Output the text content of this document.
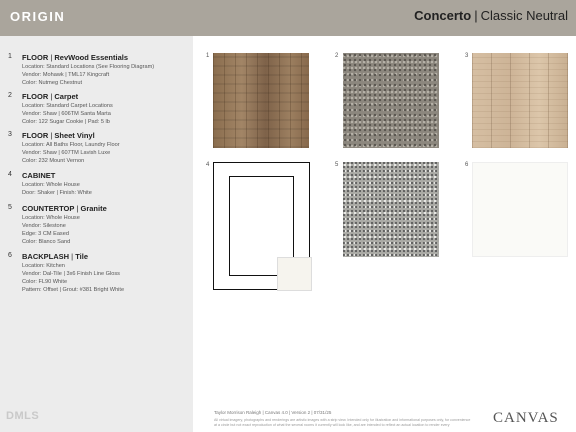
ORIGIN	Concerto | Classic Neutral
1 FLOOR | RevWood Essentials
Location: Standard Locations (See Flooring Diagram)
Vendor: Mohawk | TML17 Kingcraft
Color: Nutmeg Chestnut
2 FLOOR | Carpet
Location: Standard Carpet Locations
Vendor: Shaw | 606TM Santa Marta
Color: 122 Sugar Cookie | Pad: 5 lb
3 FLOOR | Sheet Vinyl
Location: All Baths Floor, Laundry Floor
Vendor: Shaw | 607TM Lavish Luxe
Color: 232 Mount Vernon
4 CABINET
Location: Whole House
Door: Shaker | Finish: White
5 COUNTERTOP | Granite
Location: Whole House
Vendor: Silestone
Edge: 3 CM Eased
Color: Blanco Sand
6 BACKPLASH | Tile
Location: Kitchen
Vendor: Dal-Tile | 3x6 Finish Line Gloss
Color: FL90 White
Pattern: Offset | Grout: #381 Bright White
DMLS
1	2	3
4	5	6
Taylor Morrison Raleigh | Canvas 4.0 | Version 2 | 07/31/25
All virtual imagery, photographs and renderings are artistic images with a strip view. Intended only for illustration and informational purposes only, for convenience at a circle but not exact reproduction of what the several rooms it currently will look like, and are intended to reflect an actual location to render every	CANVAS
